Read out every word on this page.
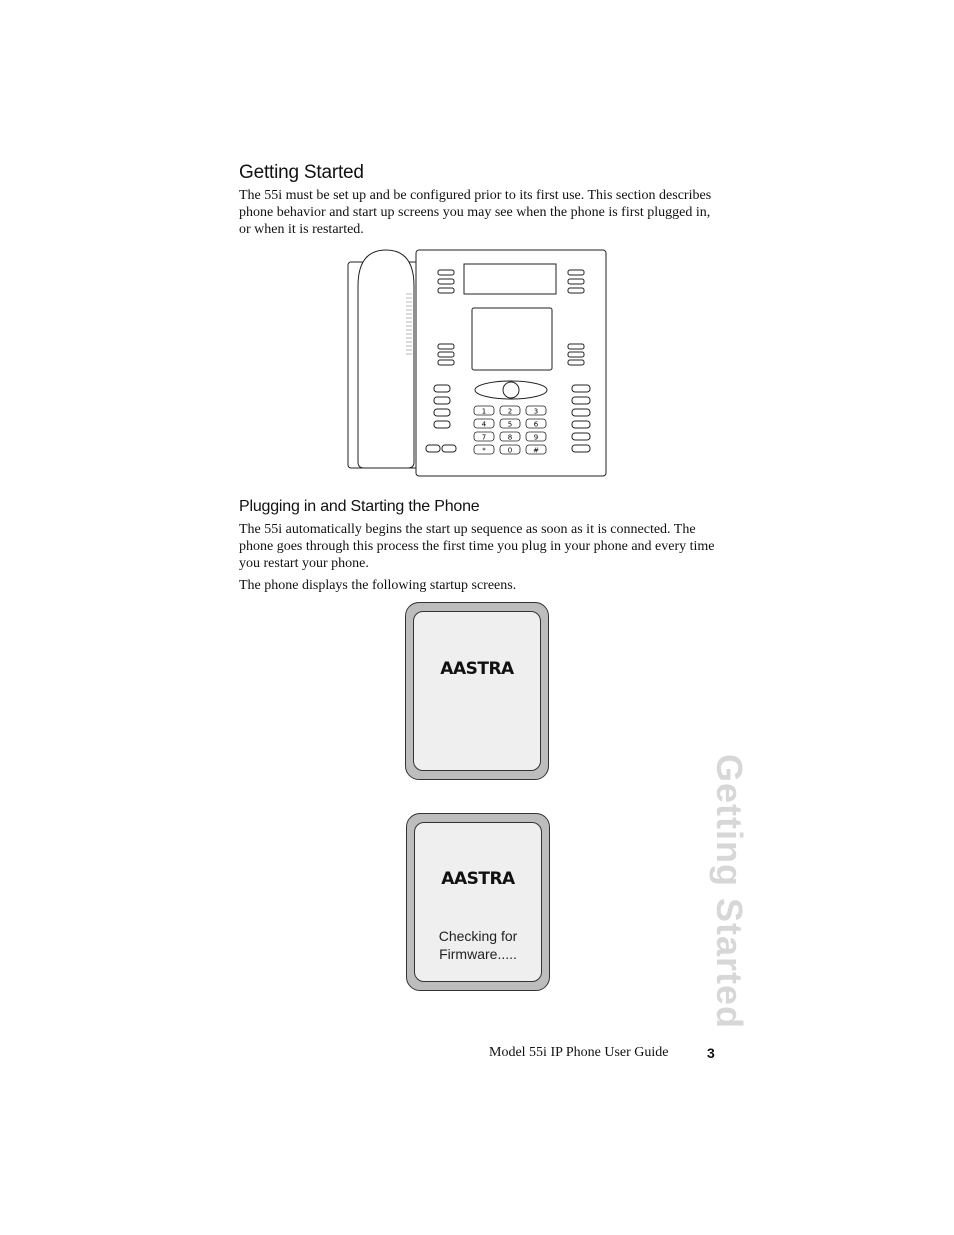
Getting Started

The 55i must be set up and be configured prior to its first use. This section describes phone behavior and start up screens you may see when the phone is first plugged in, or when it is restarted.

1	2	3
4	5	6
7	8	9
*	0	#
Plugging in and Starting the Phone

The 55i automatically begins the start up sequence as soon as it is connected. The phone goes through this process the first time you plug in your phone and every time you restart your phone.

The phone displays the following startup screens.

AASTRA
AASTRA
Checking for
Firmware.....	Getting Started
Model 55i IP Phone User Guide	3
